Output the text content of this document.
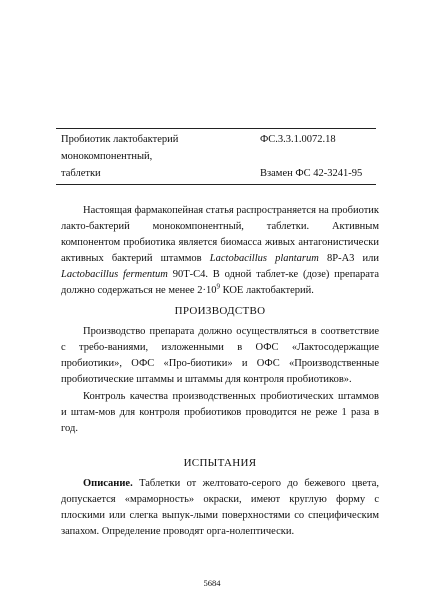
Пробиотик лактобактерий
монокомпонентный,
таблетки
ФС.3.3.1.0072.18
Взамен ФС 42-3241-95

Настоящая фармакопейная статья распространяется на пробиотик лакто-бактерий монокомпонентный, таблетки. Активным компонентом пробиотика является биомасса живых антагонистически активных бактерий штаммов Lactobacillus plantarum 8Р-А3 или Lactobacillus fermentum 90Т-С4. В одной таблет-ке (дозе) препарата должно содержаться не менее $2\cdot 10^9$ КОЕ лактобактерий.

ПРОИЗВОДСТВО

Производство препарата должно осуществляться в соответствие с требо-ваниями, изложенными в ОФС «Лактосодержащие пробиотики», ОФС «Про-биотики» и ОФС «Производственные пробиотические штаммы и штаммы для контроля пробиотиков».

Контроль качества производственных пробиотических штаммов и штам-мов для контроля пробиотиков проводится не реже 1 раза в год.

ИСПЫТАНИЯ

Описание. Таблетки от желтовато-серого до бежевого цвета, допускается «мраморность» окраски, имеют круглую форму с плоскими или слегка выпук-лыми поверхностями со специфическим запахом. Определение проводят орга-нолептически.

5684
